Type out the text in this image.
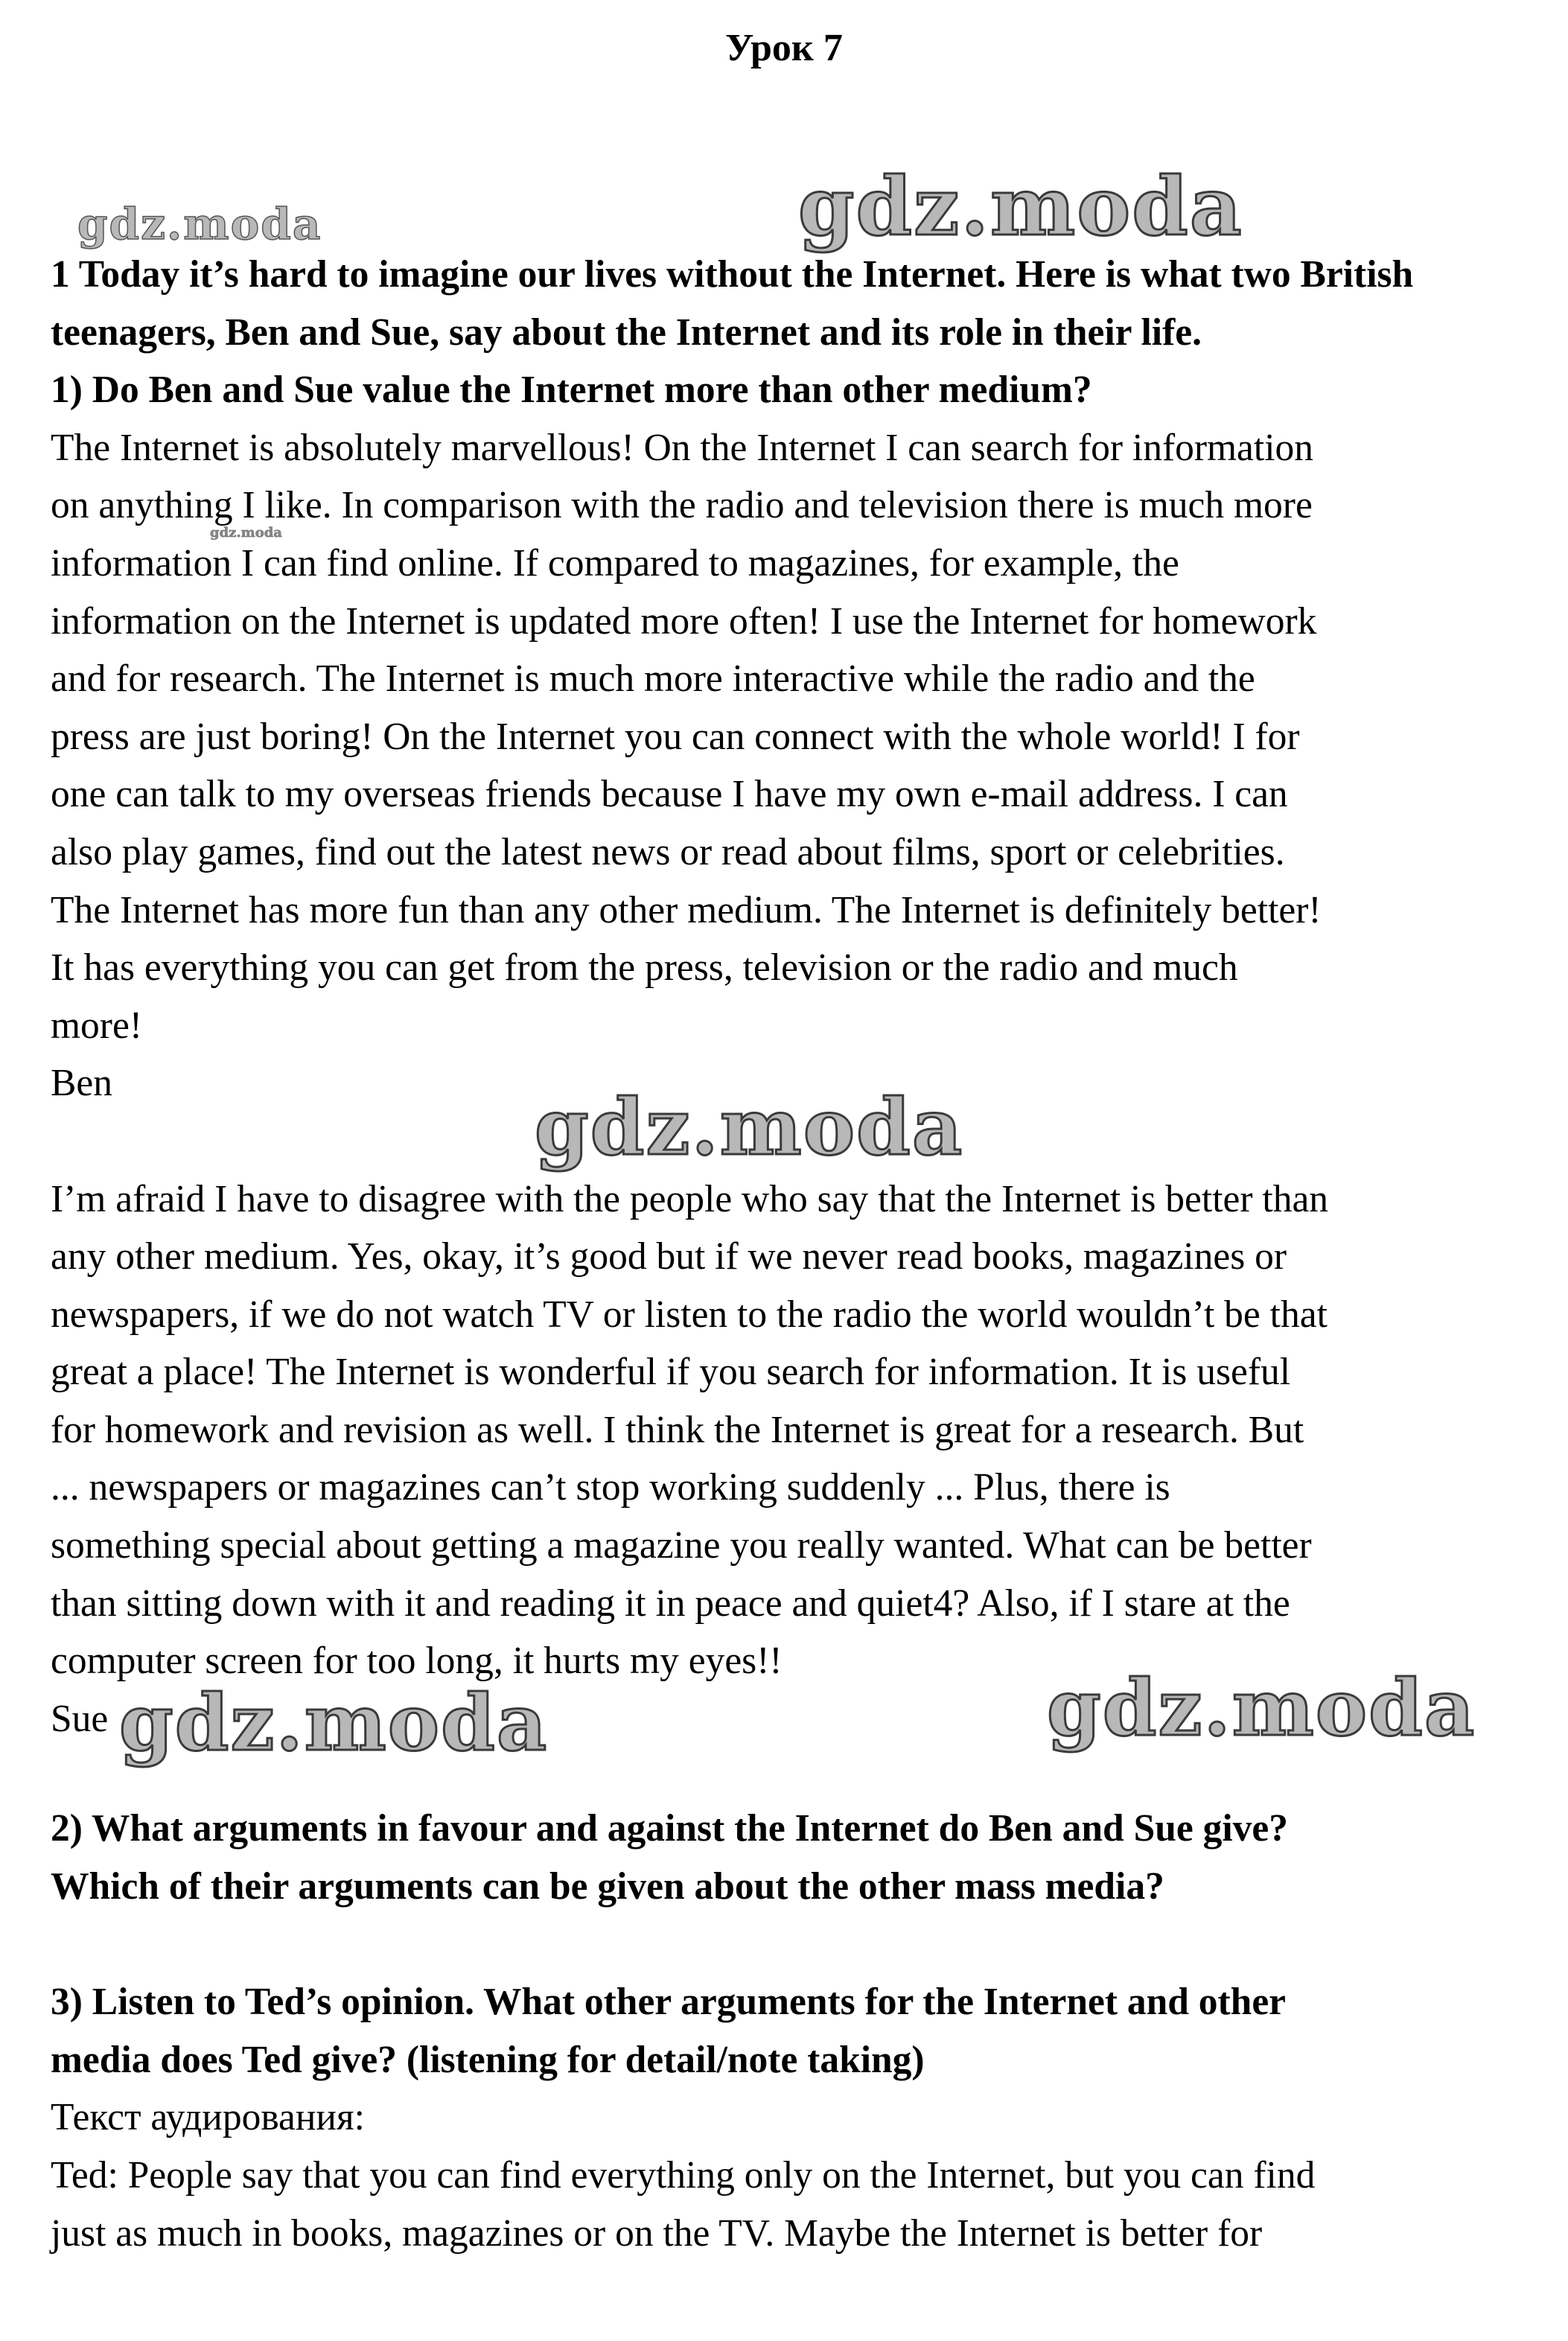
Урок 7
gdz.moda	gdz.moda
gdz.moda
gdz.moda
gdz.moda	gdz.moda

1 Today it’s hard to imagine our lives without the Internet. Here is what two British teenagers, Ben and Sue, say about the Internet and its role in their life.

1) Do Ben and Sue value the Internet more than other medium?

The Internet is absolutely marvellous! On the Internet I can search for information
on anything I like. In comparison with the radio and television there is much more
information I can find online. If compared to magazines, for example, the
information on the Internet is updated more often! I use the Internet for homework
and for research. The Internet is much more interactive while the radio and the
press are just boring! On the Internet you can connect with the whole world! I for
one can talk to my overseas friends because I have my own e-mail address. I can
also play games, find out the latest news or read about films, sport or celebrities.
The Internet has more fun than any other medium. The Internet is definitely better!
It has everything you can get from the press, television or the radio and much
more!

Ben

I’m afraid I have to disagree with the people who say that the Internet is better than
any other medium. Yes, okay, it’s good but if we never read books, magazines or
newspapers, if we do not watch TV or listen to the radio the world wouldn’t be that
great a place! The Internet is wonderful if you search for information. It is useful
for homework and revision as well. I think the Internet is great for a research. But
... newspapers or magazines can’t stop working suddenly ... Plus, there is
something special about getting a magazine you really wanted. What can be better
than sitting down with it and reading it in peace and quiet4? Also, if I stare at the
computer screen for too long, it hurts my eyes!!

Sue

2) What arguments in favour and against the Internet do Ben and Sue give?
Which of their arguments can be given about the other mass media?

3) Listen to Ted’s opinion. What other arguments for the Internet and other
media does Ted give? (listening for detail/note taking)

Текст аудирования:

Ted: People say that you can find everything only on the Internet, but you can find
just as much in books, magazines or on the TV. Maybe the Internet is better for
